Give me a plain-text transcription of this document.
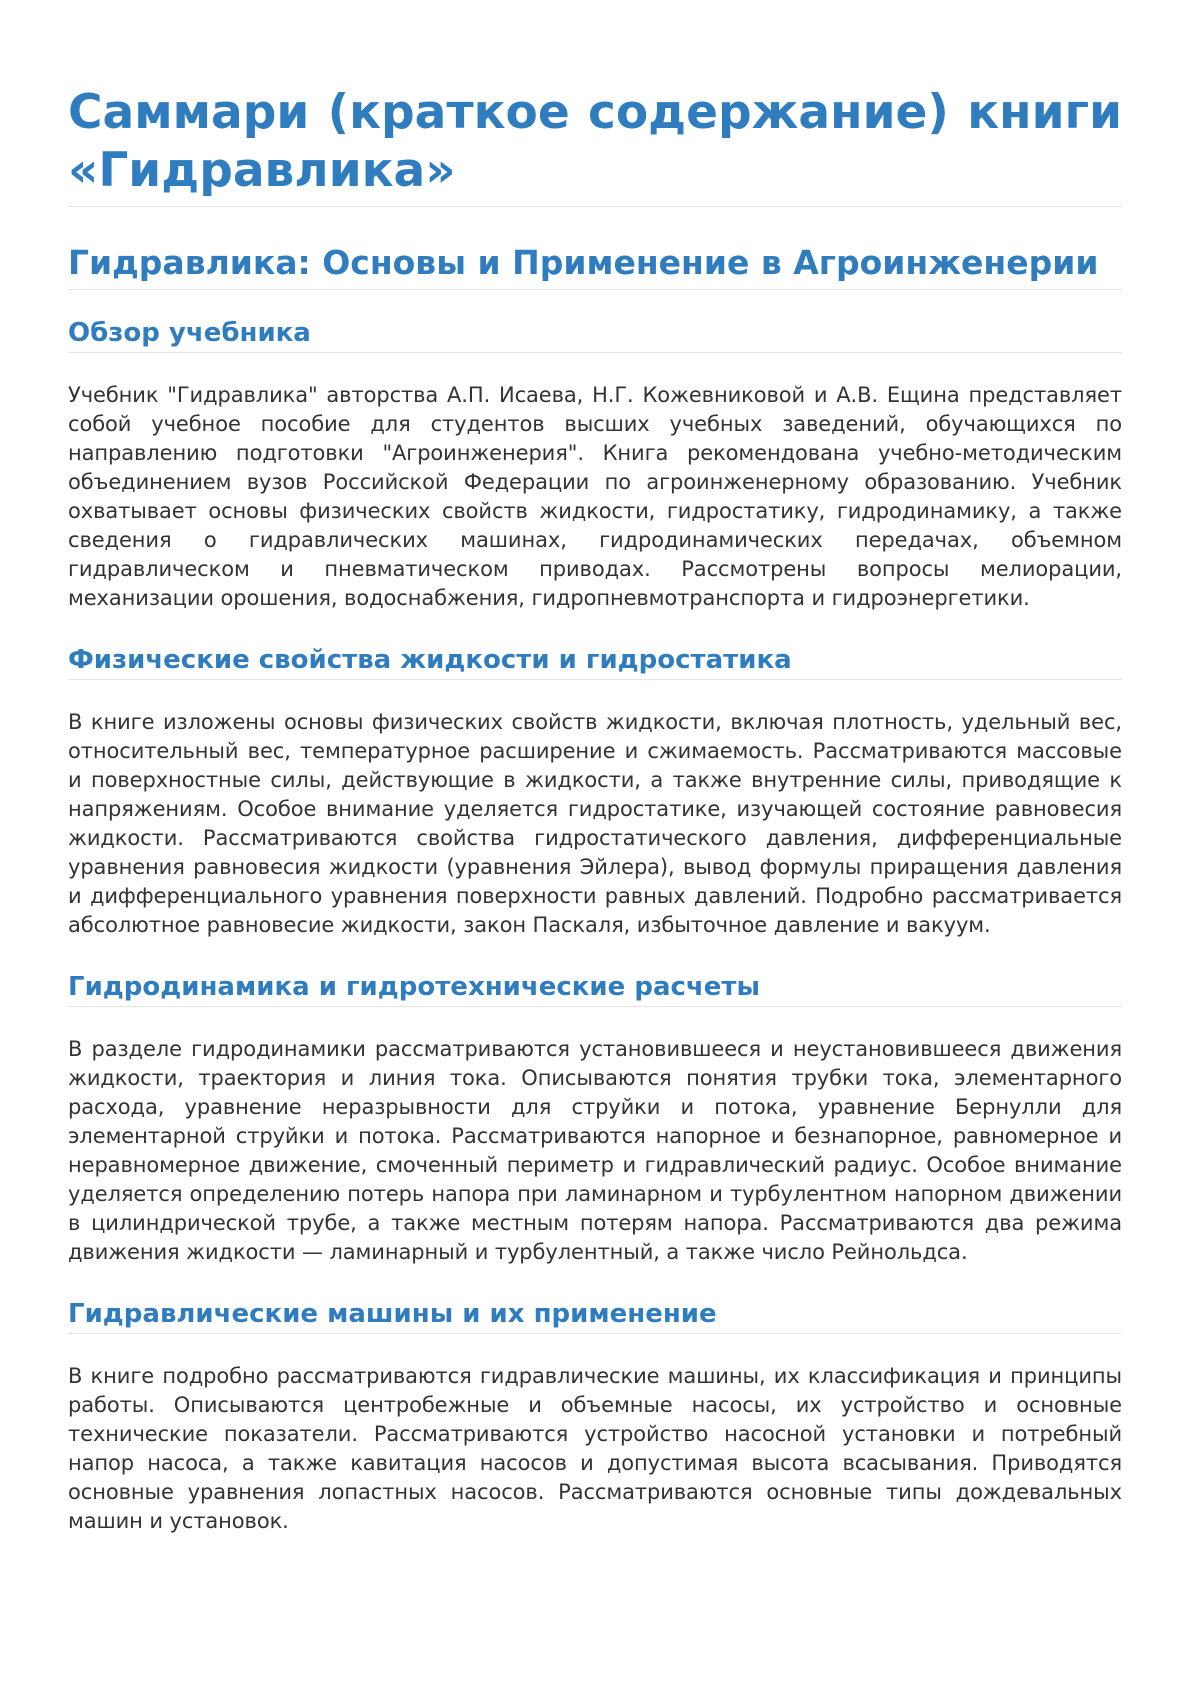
Саммари (краткое содержание) книги «Гидравлика»
Гидравлика: Основы и Применение в Агроинженерии
Обзор учебника

Учебник "Гидравлика" авторства А.П. Исаева, Н.Г. Кожевниковой и А.В. Ещина представляет собой учебное пособие для студентов высших учебных заведений, обучающихся по направлению подготовки "Агроинженерия". Книга рекомендована учебно-методическим объединением вузов Российской Федерации по агроинженерному образованию. Учебник охватывает основы физических свойств жидкости, гидростатику, гидродинамику, а также сведения о гидравлических машинах, гидродинамических передачах, объемном гидравлическом и пневматическом приводах. Рассмотрены вопросы мелиорации, механизации орошения, водоснабжения, гидропневмотранспорта и гидроэнергетики.

Физические свойства жидкости и гидростатика

В книге изложены основы физических свойств жидкости, включая плотность, удельный вес, относительный вес, температурное расширение и сжимаемость. Рассматриваются массовые и поверхностные силы, действующие в жидкости, а также внутренние силы, приводящие к напряжениям. Особое внимание уделяется гидростатике, изучающей состояние равновесия жидкости. Рассматриваются свойства гидростатического давления, дифференциальные уравнения равновесия жидкости (уравнения Эйлера), вывод формулы приращения давления и дифференциального уравнения поверхности равных давлений. Подробно рассматривается абсолютное равновесие жидкости, закон Паскаля, избыточное давление и вакуум.

Гидродинамика и гидротехнические расчеты

В разделе гидродинамики рассматриваются установившееся и неустановившееся движения жидкости, траектория и линия тока. Описываются понятия трубки тока, элементарного расхода, уравнение неразрывности для струйки и потока, уравнение Бернулли для элементарной струйки и потока. Рассматриваются напорное и безнапорное, равномерное и неравномерное движение, смоченный периметр и гидравлический радиус. Особое внимание уделяется определению потерь напора при ламинарном и турбулентном напорном движении в цилиндрической трубе, а также местным потерям напора. Рассматриваются два режима движения жидкости — ламинарный и турбулентный, а также число Рейнольдса.

Гидравлические машины и их применение

В книге подробно рассматриваются гидравлические машины, их классификация и принципы работы. Описываются центробежные и объемные насосы, их устройство и основные технические показатели. Рассматриваются устройство насосной установки и потребный напор насоса, а также кавитация насосов и допустимая высота всасывания. Приводятся основные уравнения лопастных насосов. Рассматриваются основные типы дождевальных машин и установок.
